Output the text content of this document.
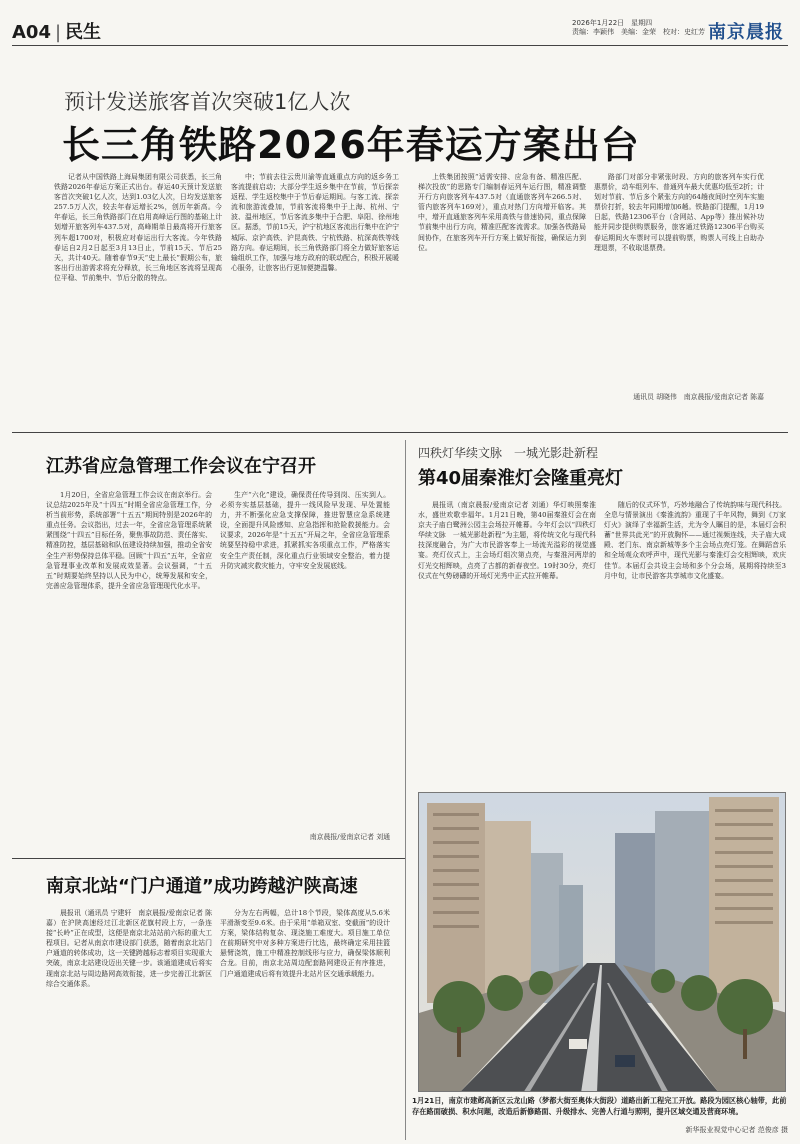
A04 | 民生	2026年1月22日　星期四
责编：李颖伟　美编：金荣　校对：史红芳 南京晨报
预计发送旅客首次突破1亿人次
长三角铁路2026年春运方案出台

记者从中国铁路上海局集团有限公司获悉，长三角铁路2026年春运方案正式出台。春运40天预计发送旅客首次突破1亿人次，达到1.03亿人次，日均发送旅客257.5万人次，较去年春运增长2%，创历年新高。今年春运，长三角铁路部门在启用高峰运行图的基础上计划增开旅客列车437.5对，高峰期单日最高将开行旅客列车超1700对，积极应对春运出行大客流。今年铁路春运自2月2日起至3月13日止，节前15天、节后25天，共计40天。随着春节9天“史上最长”假期公布，旅客出行出游需求将充分释放，长三角地区客流将呈现高位平稳、节前集中、节后分散的特点。

中；节前去往云贵川渝等直通重点方向的返乡务工客流提前启动；大部分学生返乡集中在节前，节后探亲返程、学生返校集中于节后春运期间。与客工流、探亲流和旅游流叠加，节前客流将集中于上海、杭州、宁波、温州地区，节后客流多集中于合肥、阜阳、徐州地区。据悉，节前15天，沪宁杭地区客流出行集中在沪宁城际、京沪高铁、沪昆高铁、宁杭铁路、杭深高铁等线路方向。春运期间，长三角铁路部门将全力做好旅客运输组织工作，加强与地方政府的联动配合，积极开展暖心服务，让旅客出行更加便捷温馨。

上铁集团按照“适需安排、应急有备、精准匹配、梯次投放”的思路专门编制春运列车运行图，精准调整开行方向旅客列车437.5对（直通旅客列车266.5对、管内旅客列车169对），重点对热门方向增开临客。其中，增开直通旅客列车采用高铁与普速协同，重点保障节前集中出行方向，精准匹配客流需求。加强各铁路局间协作，在旅客列车开行方案上做好衔接，确保运力到位。

路部门对部分非紧张时段、方向的旅客列车实行优惠票价，动车组列车、普通列车最大优惠均低至2折；计划对节前、节后多个紧张方向的64趟夜间时空列车实施票价打折，较去年同期增加6趟。铁路部门提醒，1月19日起，铁路12306平台（含网站、App等）推出候补功能并同步提供购票服务，旅客通过铁路12306平台购买春运期间火车票时可以提前购票，购票人可线上自助办理退票，不收取退票费。

通讯员 胡晓伟　南京晨报/爱南京记者 陈嘉
江苏省应急管理工作会议在宁召开

1月20日，全省应急管理工作会议在南京举行。会议总结2025年及“十四五”时期全省应急管理工作，分析当前形势，系统部署“十五五”期间特别是2026年的重点任务。会议指出，过去一年，全省应急管理系统紧紧围绕“十四五”目标任务，聚焦事故防范、责任落实、精准防控，基层基础和队伍建设持续加强，推动全省安全生产形势保持总体平稳。回顾“十四五”五年，全省应急管理事业改革和发展成效显著。会议强调，“十五五”时期要始终坚持以人民为中心，统筹发展和安全，完善应急管理体系，提升全省应急管理现代化水平。

生产“六化”建设，确保责任传导到岗、压实到人。必须夯实基层基础，提升一线风险早发现、早处置能力，并不断强化应急支撑保障，推进智慧应急系统建设，全面提升风险感知、应急指挥和抢险救援能力。会议要求，2026年是“十五五”开局之年，全省应急管理系统要坚持稳中求进，抓紧抓实各项重点工作，严格落实安全生产责任制，深化重点行业领域安全整治，着力提升防灾减灾救灾能力，守牢安全发展底线。

南京晨报/爱南京记者 刘通
四秩灯华续文脉　一城光影赴新程
第40届秦淮灯会隆重亮灯

晨报讯（南京晨报/爱南京记者 刘通）华灯映照秦淮水，盛世欢歌幸福年。1月21日晚，第40届秦淮灯会在南京夫子庙白鹭洲公园主会场拉开帷幕。今年灯会以“四秩灯华续文脉　一城光影赴新程”为主题，将传统文化与现代科技深度融合，为广大市民游客奉上一场流光溢彩的视觉盛宴。亮灯仪式上，主会场灯组次第点亮，与秦淮河两岸的灯光交相辉映，点亮了古都的新春夜空。19时30分，亮灯仪式在气势磅礴的开场灯光秀中正式拉开帷幕。

随后的仪式环节，巧妙地融合了传统韵味与现代科技。全息与情景演出《秦淮流韵》重现了千年风物，舞到《万家灯火》演绎了幸福新生活，尤为令人瞩目的是，本届灯会积蓄“世界共此光”的开放胸怀——通过视频连线，夫子庙大成殿、老门东、南京新城等多个主会场点亮灯笼。在舞蹈音乐和全场观众欢呼声中，现代光影与秦淮灯会交相辉映，欢庆佳节。本届灯会共设主会场和多个分会场，展期将持续至3月中旬，让市民游客共享城市文化盛宴。

南京北站“门户通道”成功跨越沪陕高速

晨报讯（通讯员 宁建轩　南京晨报/爱南京记者 陈嘉）在沪陕高速经过江北新区花旗村段上方，一条连接“长岭”正在成型，这便是南京北站站前六标的重大工程项目。记者从南京市建设部门获悉，随着南京北站门户通道的转体成功，这一关键跨越标志着项目实现重大突破，南京北站建设迈出关键一步。该通道建成后将实现南京北站与周边路网高效衔接，进一步完善江北新区综合交通体系。

分为左右两幅，总计18个节段，梁体高度从5.6米平滑渐变至9.6米。由于采用“单箱双室、变截面”的设计方案，梁体结构复杂、现浇施工难度大。项目施工单位在前期研究中对多种方案进行比选，最终确定采用挂篮悬臂浇筑，施工中精准控制线形与应力，确保梁体顺利合龙。目前，南京北站周边配套路网建设正有序推进，门户通道建成后将有效提升北站片区交通承载能力。

1月21日，南京市建邺高新区云龙山路（梦都大街至奥体大街段）道路出新工程完工开放。路段为园区核心轴带，此前存在路面破损、积水问题，改造后新修路面、升级排水、完善人行道与照明，提升区域交通及营商环境。
新华报业视觉中心记者 范俊彦 摄
